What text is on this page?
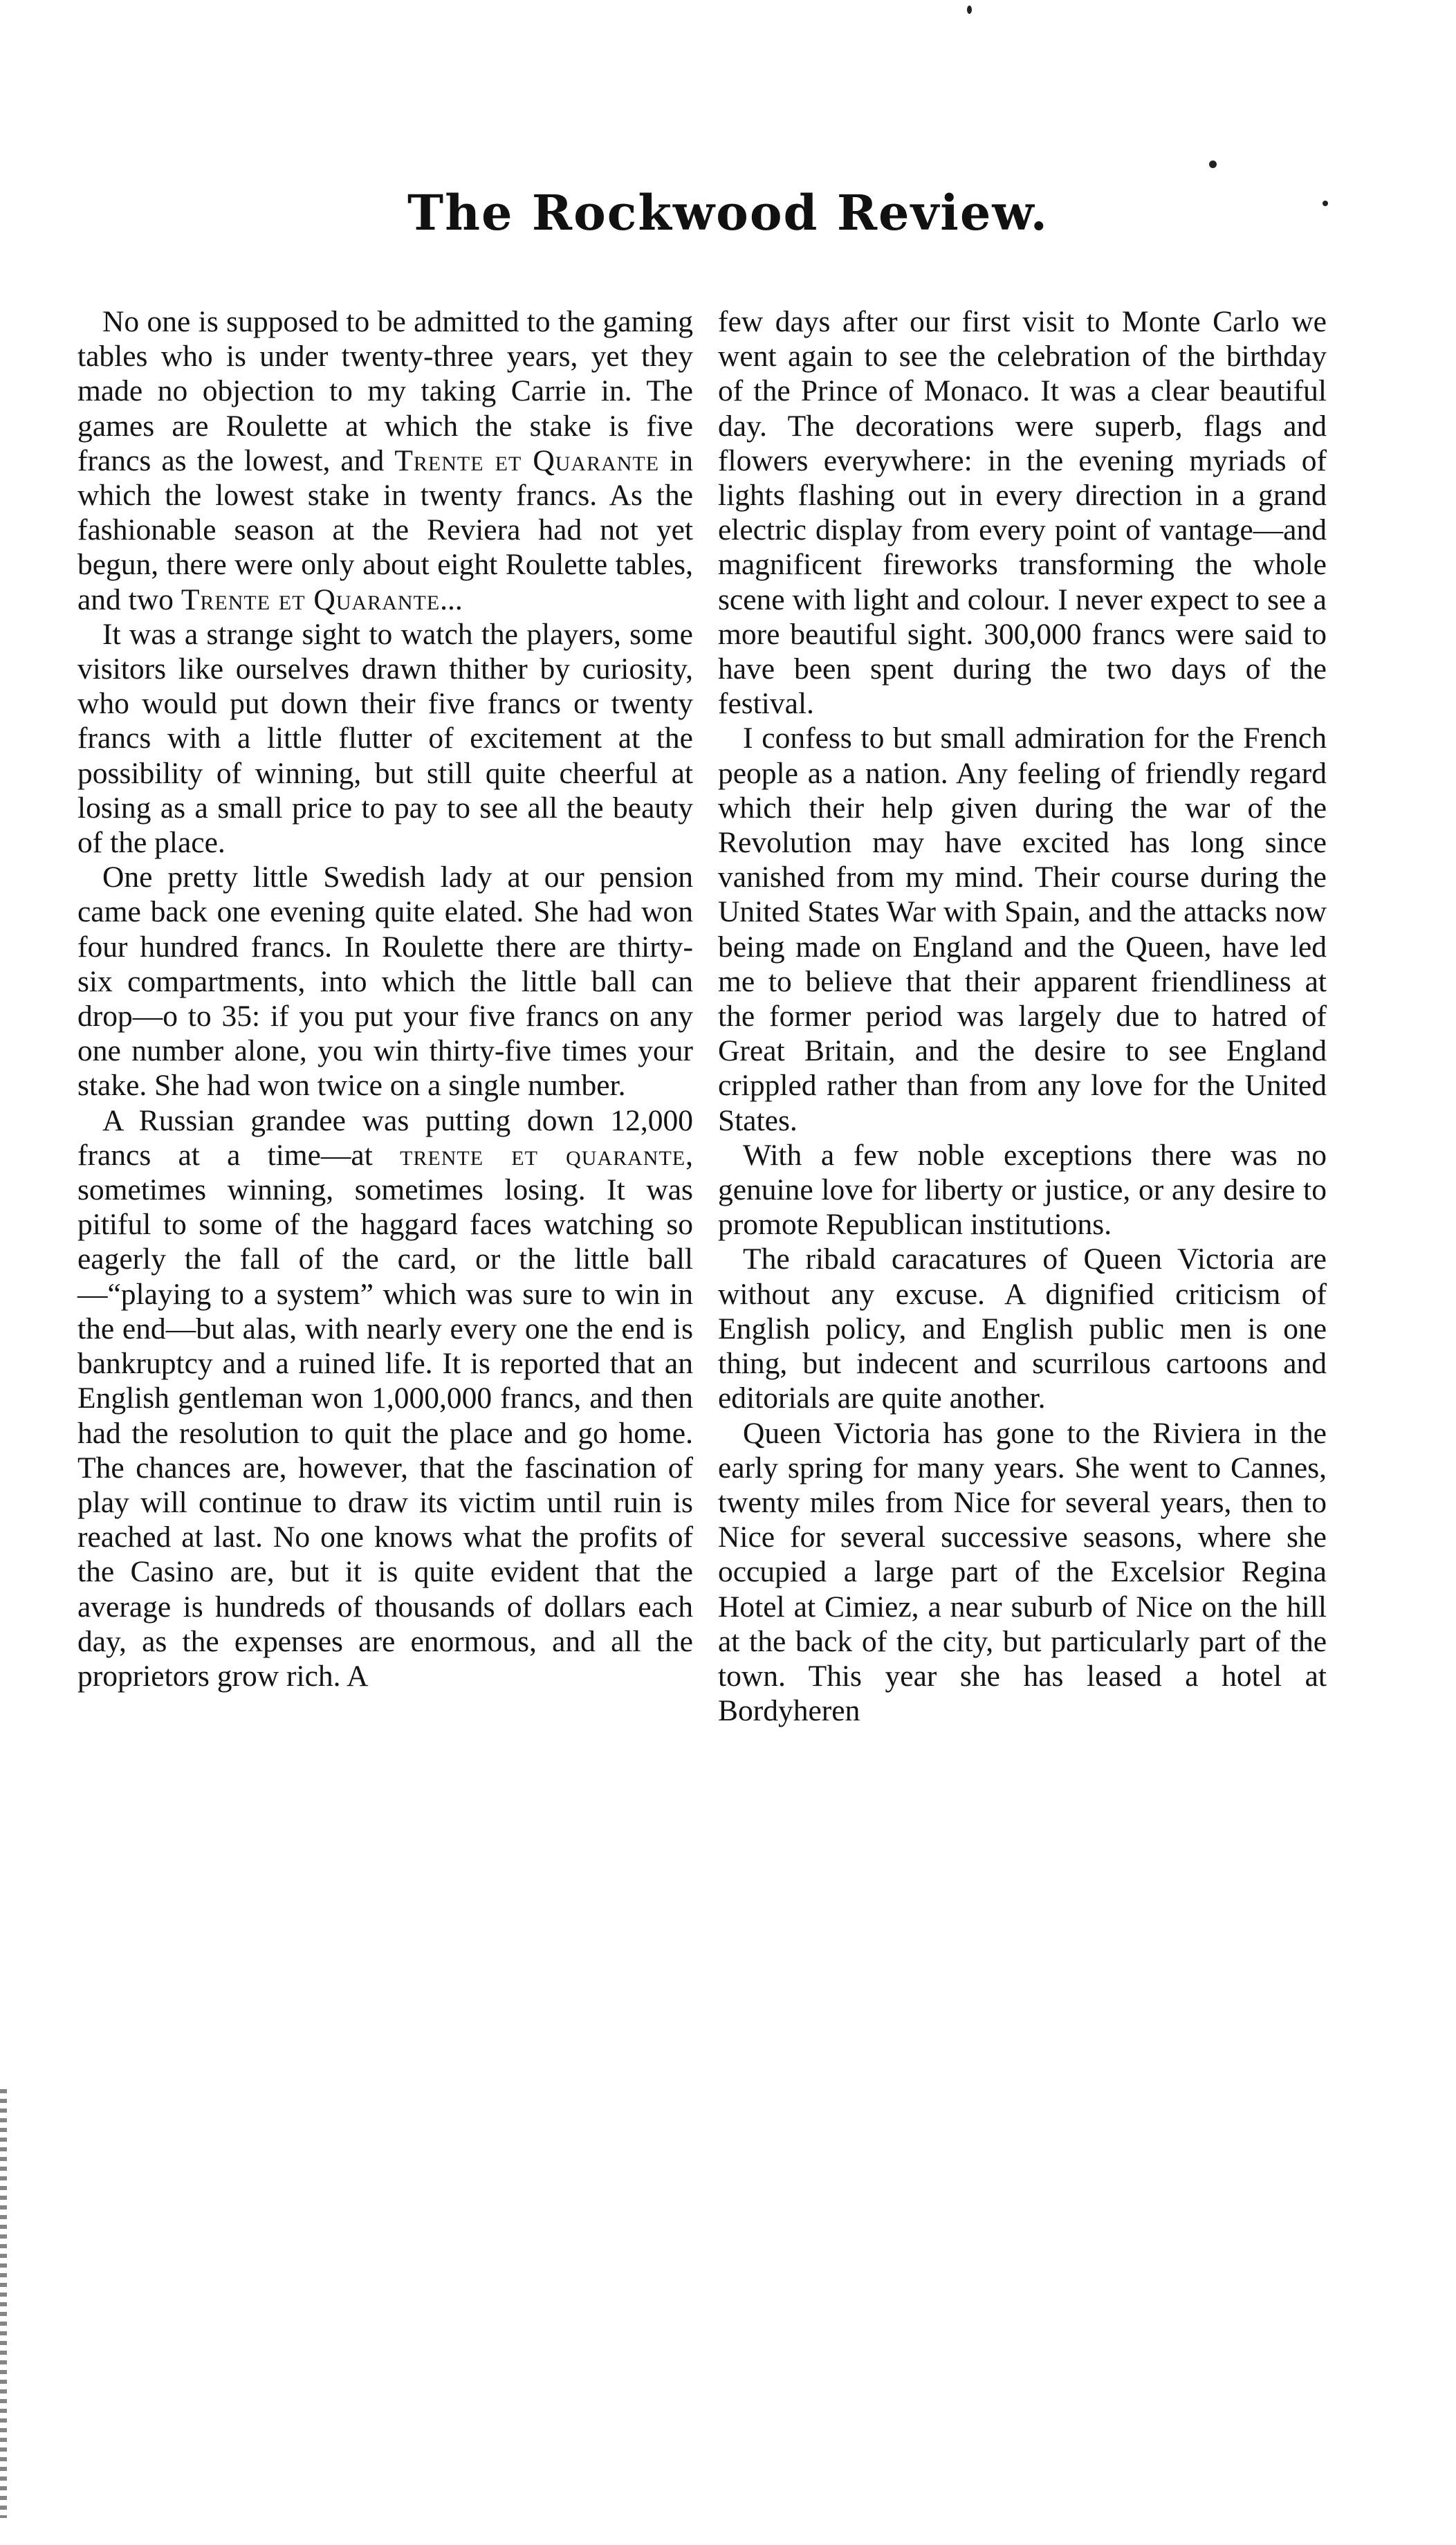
The Rockwood Review.

No one is supposed to be admitted to the gaming tables who is under twenty-three years, yet they made no objection to my taking Carrie in. The games are Roulette at which the stake is five francs as the lowest, and Trente et Quarante in which the lowest stake in twenty francs. As the fashionable season at the Reviera had not yet begun, there were only about eight Roulette tables, and two Trente et Quarante...

It was a strange sight to watch the players, some visitors like ourselves drawn thither by curiosity, who would put down their five francs or twenty francs with a little flutter of excitement at the possibility of winning, but still quite cheerful at losing as a small price to pay to see all the beauty of the place.

One pretty little Swedish lady at our pension came back one evening quite elated. She had won four hundred francs. In Roulette there are thirty-six compartments, into which the little ball can drop—o to 35: if you put your five francs on any one number alone, you win thirty-five times your stake. She had won twice on a single number.

A Russian grandee was putting down 12,000 francs at a time—at trente et quarante, sometimes winning, sometimes losing. It was pitiful to some of the haggard faces watching so eagerly the fall of the card, or the little ball—“playing to a system” which was sure to win in the end—but alas, with nearly every one the end is bankruptcy and a ruined life. It is reported that an English gentleman won 1,000,000 francs, and then had the resolution to quit the place and go home. The chances are, however, that the fascination of play will continue to draw its victim until ruin is reached at last. No one knows what the profits of the Casino are, but it is quite evident that the average is hundreds of thousands of dollars each day, as the expenses are enormous, and all the proprietors grow rich. A

few days after our first visit to Monte Carlo we went again to see the celebration of the birthday of the Prince of Monaco. It was a clear beautiful day. The decorations were superb, flags and flowers everywhere: in the evening myriads of lights flashing out in every direction in a grand electric display from every point of vantage—and magnificent fireworks transforming the whole scene with light and colour. I never expect to see a more beautiful sight. 300,000 francs were said to have been spent during the two days of the festival.

I confess to but small admiration for the French people as a nation. Any feeling of friendly regard which their help given during the war of the Revolution may have excited has long since vanished from my mind. Their course during the United States War with Spain, and the attacks now being made on England and the Queen, have led me to believe that their apparent friendliness at the former period was largely due to hatred of Great Britain, and the desire to see England crippled rather than from any love for the United States.

With a few noble exceptions there was no genuine love for liberty or justice, or any desire to promote Republican institutions.

The ribald caracatures of Queen Victoria are without any excuse. A dignified criticism of English policy, and English public men is one thing, but indecent and scurrilous cartoons and editorials are quite another.

Queen Victoria has gone to the Riviera in the early spring for many years. She went to Cannes, twenty miles from Nice for several years, then to Nice for several successive seasons, where she occupied a large part of the Excelsior Regina Hotel at Cimiez, a near suburb of Nice on the hill at the back of the city, but particularly part of the town. This year she has leased a hotel at Bordyheren
